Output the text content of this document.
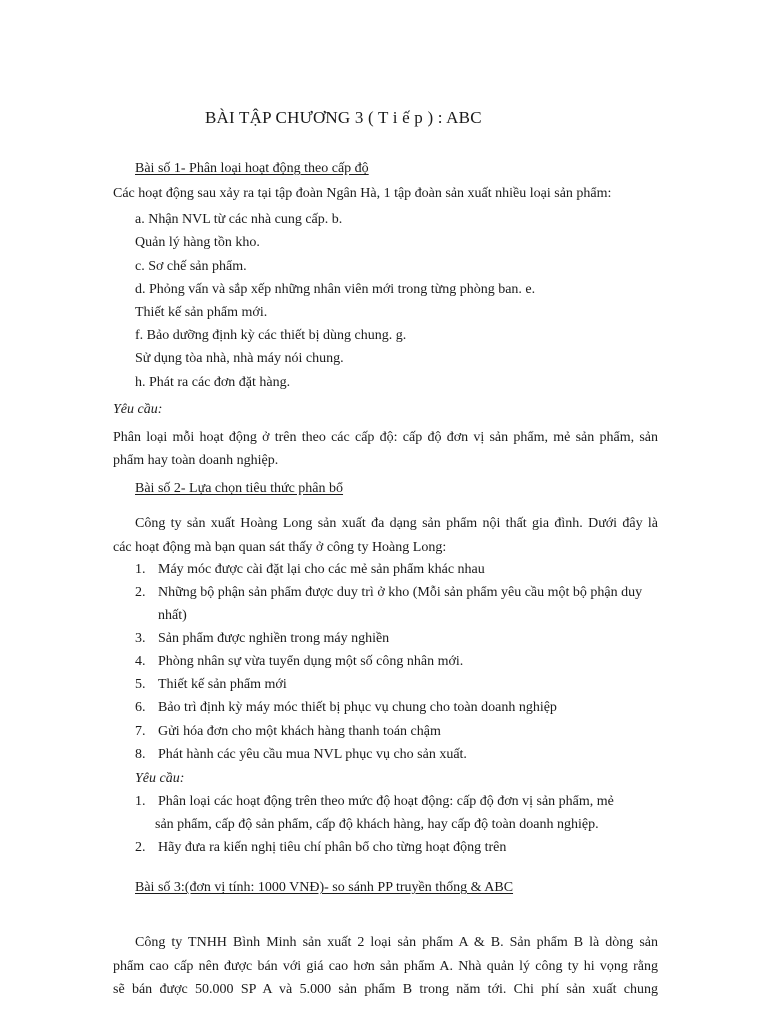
BÀI TẬP CHƯƠNG 3 ( T i ế p ) : ABC
Bài số 1- Phân loại hoạt động theo cấp độ
Các hoạt động sau xảy ra tại tập đoàn Ngân Hà, 1 tập đoàn sản xuất nhiều loại sản phẩm:
a. Nhận NVL từ các nhà cung cấp. b.
Quản lý hàng tồn kho.
c. Sơ chế sản phẩm.
d. Phỏng vấn và sắp xếp những nhân viên mới trong từng phòng ban. e.
Thiết kế sản phẩm mới.
f. Bảo dưỡng định kỳ các thiết bị dùng chung. g.
Sử dụng tòa nhà, nhà máy nói chung.
h. Phát ra các đơn đặt hàng.
Yêu cầu:
Phân loại mỗi hoạt động ở trên theo các cấp độ: cấp độ đơn vị sản phẩm, mẻ sản phẩm, sản
phẩm hay toàn doanh nghiệp.
Bài số 2- Lựa chọn tiêu thức phân bổ
Công ty sản xuất Hoàng Long sản xuất đa dạng sản phẩm nội thất gia đình. Dưới đây là
các hoạt động mà bạn quan sát thấy ở công ty Hoàng Long:
1. Máy móc được cài đặt lại cho các mẻ sản phẩm khác nhau
2. Những bộ phận sản phẩm được duy trì ở kho (Mỗi sản phẩm yêu cầu một bộ phận duy
nhất)
3. Sản phẩm được nghiền trong máy nghiền
4. Phòng nhân sự vừa tuyển dụng một số công nhân mới.
5. Thiết kế sản phẩm mới
6. Bảo trì định kỳ máy móc thiết bị phục vụ chung cho toàn doanh nghiệp
7. Gửi hóa đơn cho một khách hàng thanh toán chậm
8. Phát hành các yêu cầu mua NVL phục vụ cho sản xuất.
Yêu cầu:
1. Phân loại các hoạt động trên theo mức độ hoạt động: cấp độ đơn vị sản phẩm, mẻ
sản phẩm, cấp độ sản phẩm, cấp độ khách hàng, hay cấp độ toàn doanh nghiệp.
2. Hãy đưa ra kiến nghị tiêu chí phân bổ cho từng hoạt động trên
Bài số 3:(đơn vị tính: 1000 VNĐ)- so sánh PP truyền thống & ABC
Công ty TNHH Bình Minh sản xuất 2 loại sản phẩm A & B. Sản phẩm B là dòng sản
phẩm cao cấp nên được bán với giá cao hơn sản phẩm A. Nhà quản lý công ty hi vọng rằng
sẽ bán được 50.000 SP A và 5.000 sản phẩm B trong năm tới. Chi phí sản xuất chung
